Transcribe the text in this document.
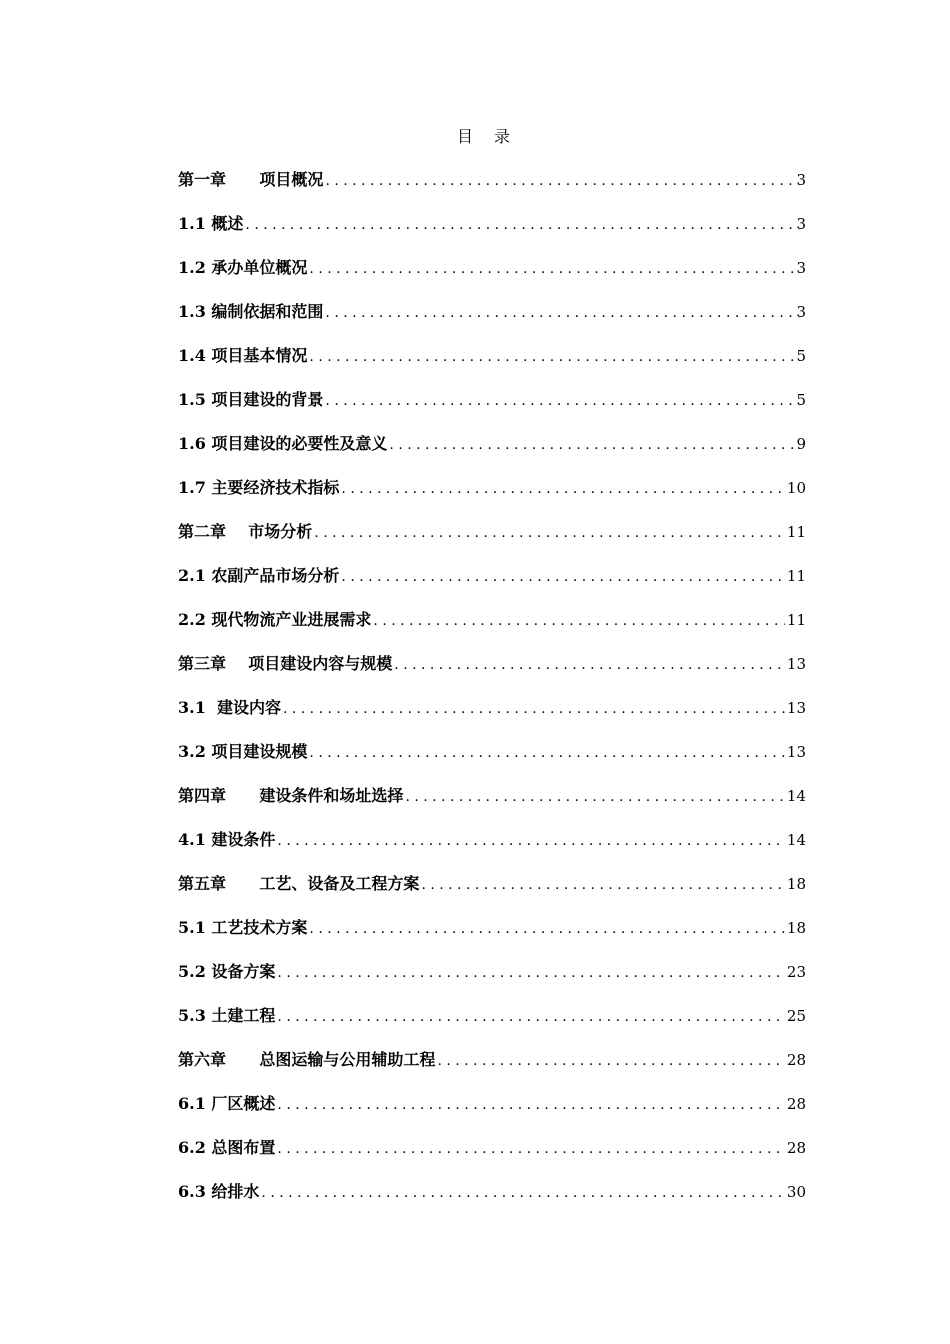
目 录
第一章      项目概况 . . .	3
1.1 概述 . . .	3
1.2 承办单位概况 . . .	3
1.3 编制依据和范围 . . .	3
1.4 项目基本情况 . . .	5
1.5 项目建设的背景 . . .	5
1.6 项目建设的必要性及意义 . . .	9
1.7 主要经济技术指标 . . .	10
第二章    市场分析 . . .	11
2.1 农副产品市场分析 . . .	11
2.2 现代物流产业进展需求 . . .	11
第三章    项目建设内容与规模 . . .	13
3.1  建设内容 . . .	13
3.2 项目建设规模 . . .	13
第四章      建设条件和场址选择 . . .	14
4.1 建设条件 . . .	14
第五章      工艺、设备及工程方案 . . .	18
5.1 工艺技术方案 . . .	18
5.2 设备方案 . . .	23
5.3 土建工程 . . .	25
第六章      总图运输与公用辅助工程 . . .	28
6.1 厂区概述 . . .	28
6.2 总图布置 . . .	28
6.3 给排水 . . .	30
